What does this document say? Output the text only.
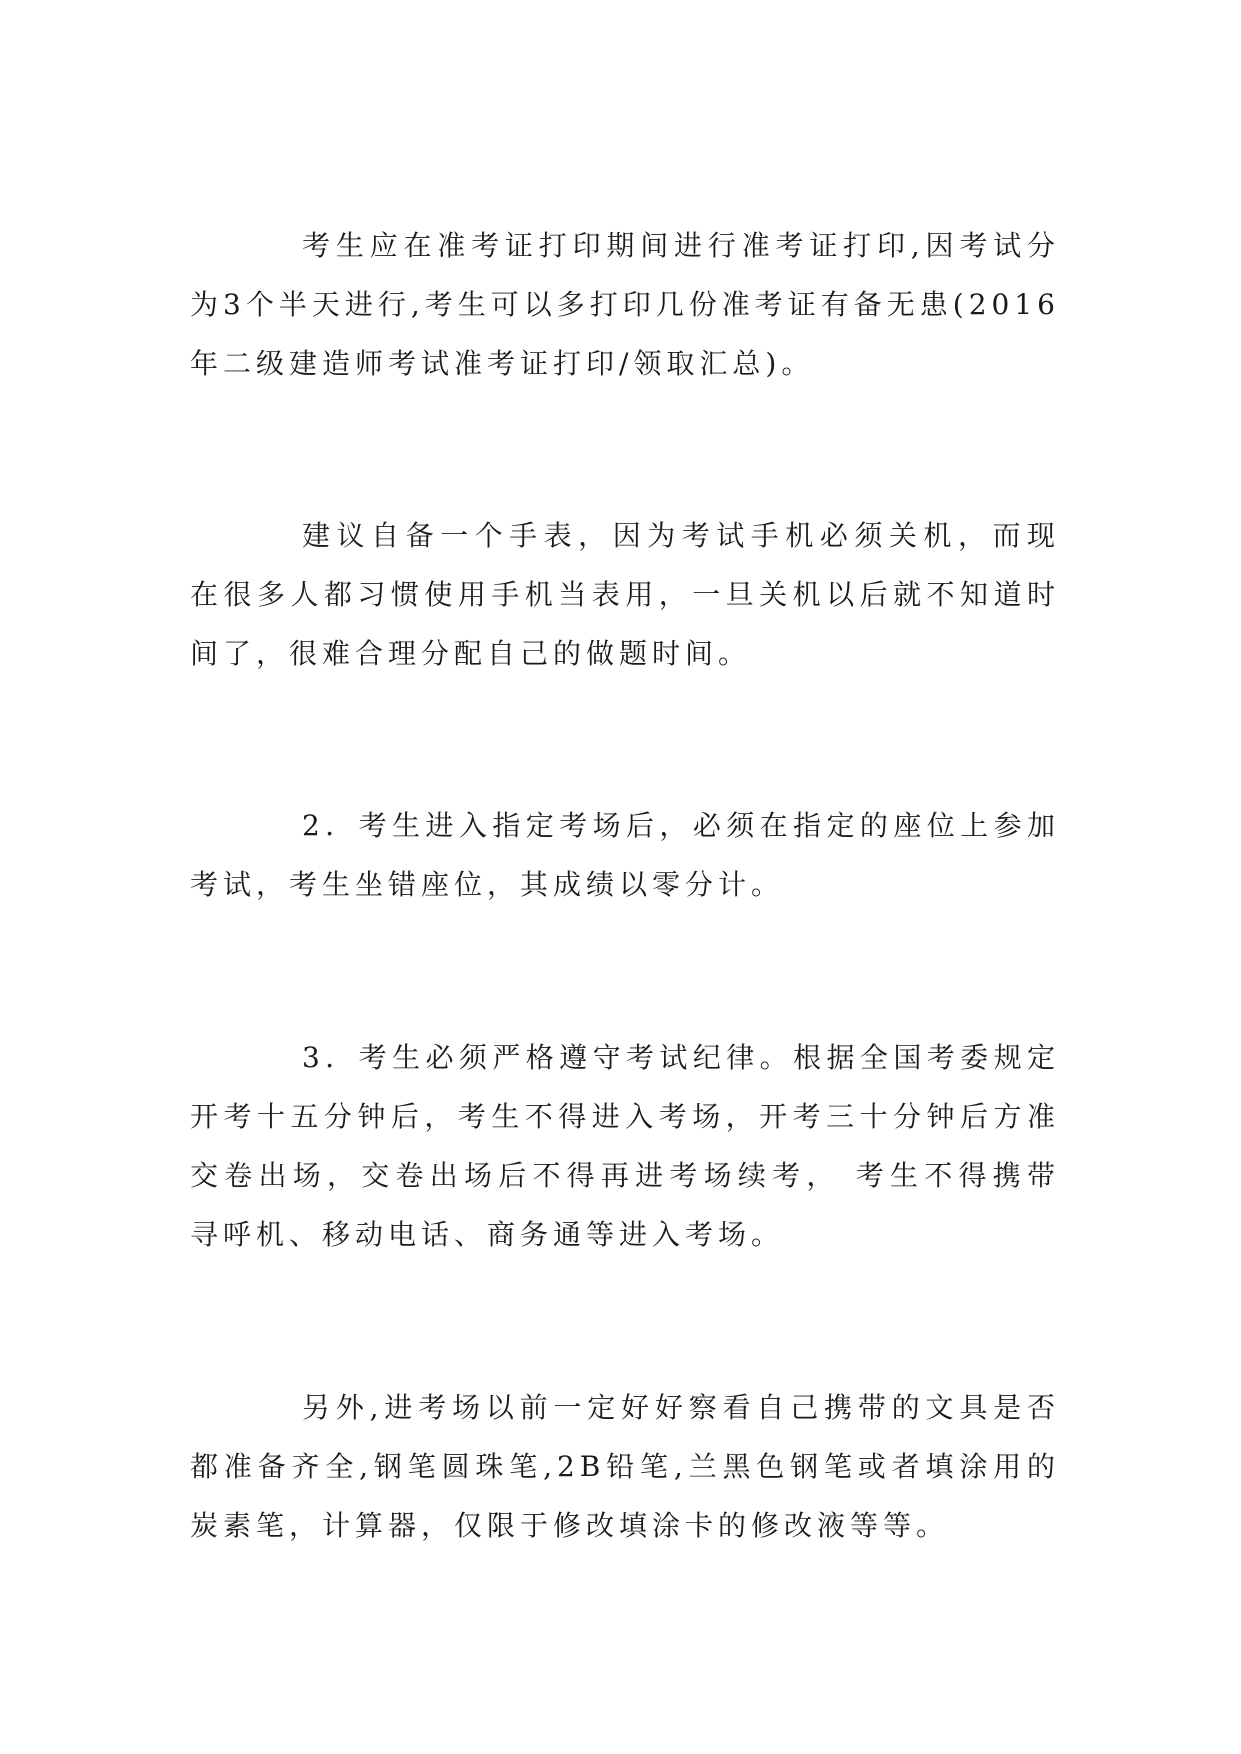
考生应在准考证打印期间进行准考证打印,因考试分为3个半天进行,考生可以多打印几份准考证有备无患(2016年二级建造师考试准考证打印/领取汇总)。

建议自备一个手表，因为考试手机必须关机，而现在很多人都习惯使用手机当表用，一旦关机以后就不知道时间了，很难合理分配自己的做题时间。

2．考生进入指定考场后，必须在指定的座位上参加考试，考生坐错座位，其成绩以零分计。

3．考生必须严格遵守考试纪律。根据全国考委规定开考十五分钟后，考生不得进入考场，开考三十分钟后方准交卷出场，交卷出场后不得再进考场续考， 考生不得携带寻呼机、移动电话、商务通等进入考场。

另外,进考场以前一定好好察看自己携带的文具是否都准备齐全,钢笔圆珠笔,2B铅笔,兰黑色钢笔或者填涂用的炭素笔，计算器，仅限于修改填涂卡的修改液等等。
